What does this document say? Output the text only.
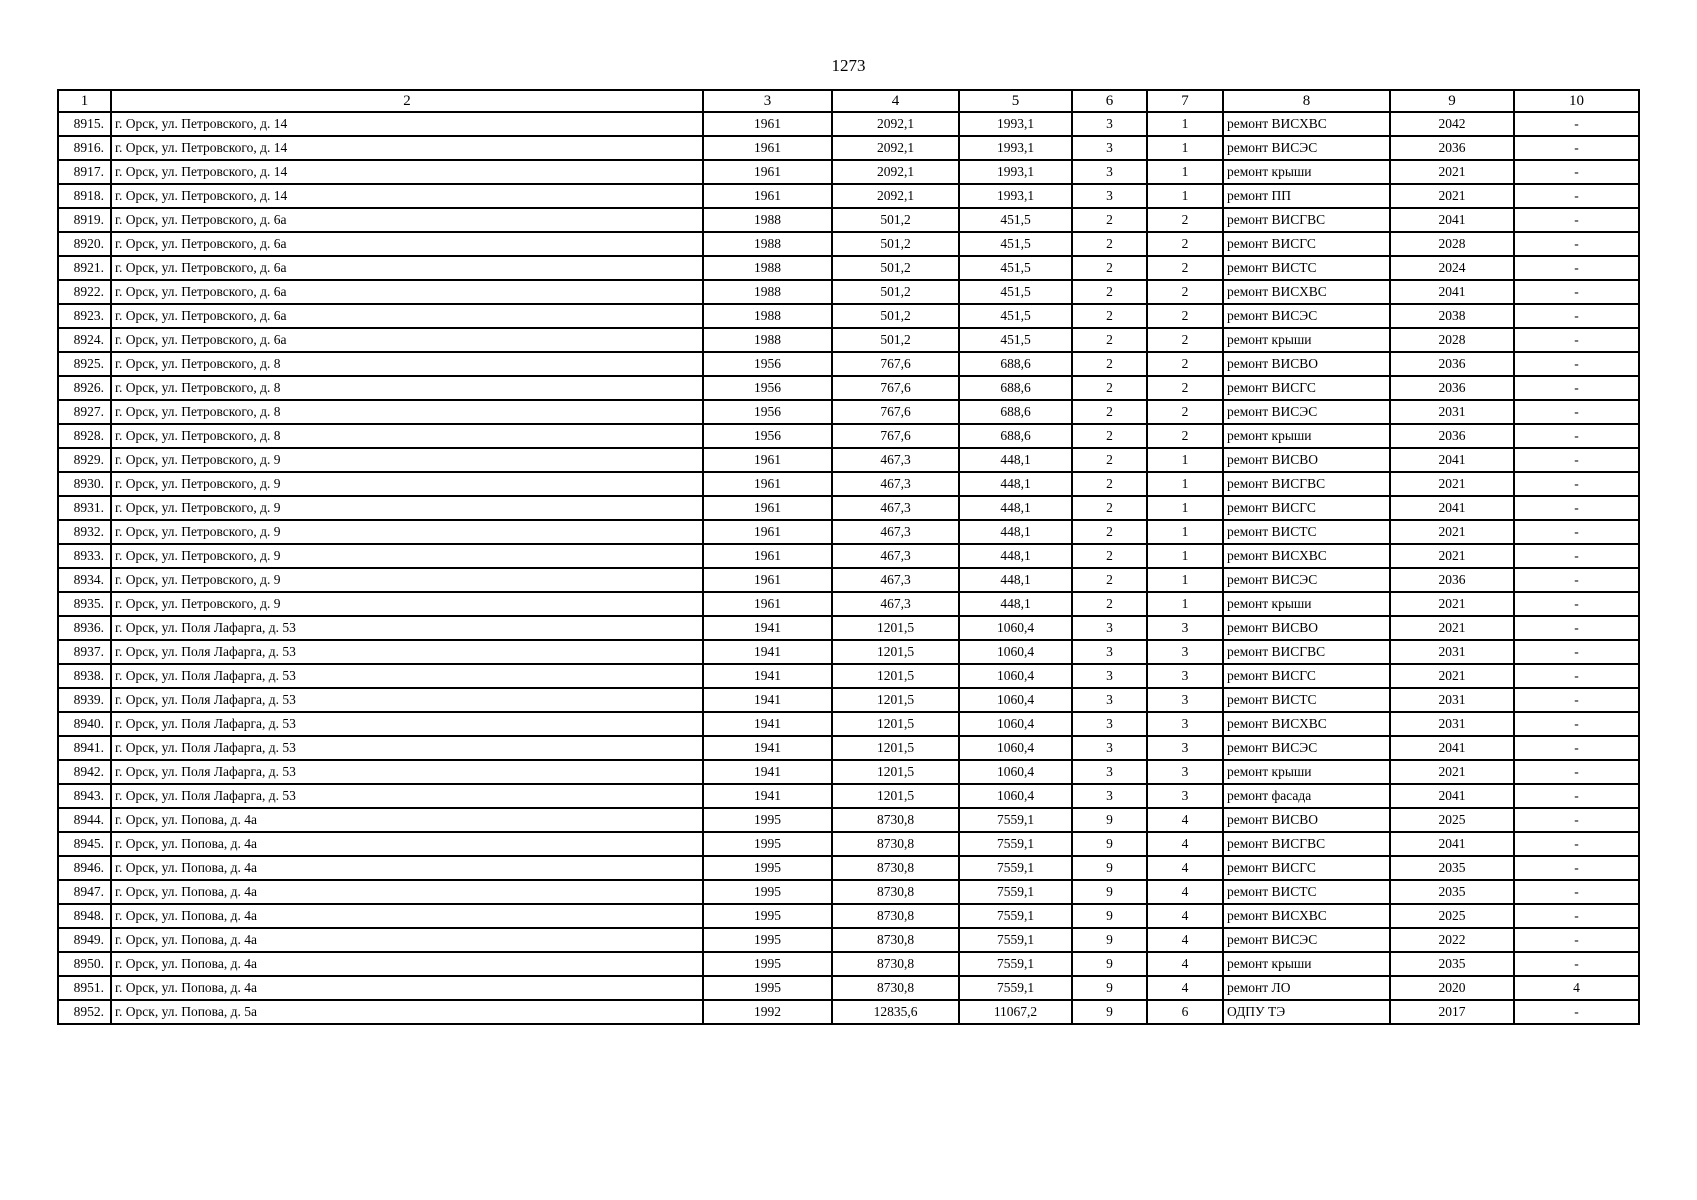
1273
1	2	3	4	5	6	7	8	9	10
8915.	г. Орск, ул. Петровского, д. 14	1961	2092,1	1993,1	3	1	ремонт ВИСХВС	2042	-
8916.	г. Орск, ул. Петровского, д. 14	1961	2092,1	1993,1	3	1	ремонт ВИСЭС	2036	-
8917.	г. Орск, ул. Петровского, д. 14	1961	2092,1	1993,1	3	1	ремонт крыши	2021	-
8918.	г. Орск, ул. Петровского, д. 14	1961	2092,1	1993,1	3	1	ремонт ПП	2021	-
8919.	г. Орск, ул. Петровского, д. 6а	1988	501,2	451,5	2	2	ремонт ВИСГВС	2041	-
8920.	г. Орск, ул. Петровского, д. 6а	1988	501,2	451,5	2	2	ремонт ВИСГС	2028	-
8921.	г. Орск, ул. Петровского, д. 6а	1988	501,2	451,5	2	2	ремонт ВИСТС	2024	-
8922.	г. Орск, ул. Петровского, д. 6а	1988	501,2	451,5	2	2	ремонт ВИСХВС	2041	-
8923.	г. Орск, ул. Петровского, д. 6а	1988	501,2	451,5	2	2	ремонт ВИСЭС	2038	-
8924.	г. Орск, ул. Петровского, д. 6а	1988	501,2	451,5	2	2	ремонт крыши	2028	-
8925.	г. Орск, ул. Петровского, д. 8	1956	767,6	688,6	2	2	ремонт ВИСВО	2036	-
8926.	г. Орск, ул. Петровского, д. 8	1956	767,6	688,6	2	2	ремонт ВИСГС	2036	-
8927.	г. Орск, ул. Петровского, д. 8	1956	767,6	688,6	2	2	ремонт ВИСЭС	2031	-
8928.	г. Орск, ул. Петровского, д. 8	1956	767,6	688,6	2	2	ремонт крыши	2036	-
8929.	г. Орск, ул. Петровского, д. 9	1961	467,3	448,1	2	1	ремонт ВИСВО	2041	-
8930.	г. Орск, ул. Петровского, д. 9	1961	467,3	448,1	2	1	ремонт ВИСГВС	2021	-
8931.	г. Орск, ул. Петровского, д. 9	1961	467,3	448,1	2	1	ремонт ВИСГС	2041	-
8932.	г. Орск, ул. Петровского, д. 9	1961	467,3	448,1	2	1	ремонт ВИСТС	2021	-
8933.	г. Орск, ул. Петровского, д. 9	1961	467,3	448,1	2	1	ремонт ВИСХВС	2021	-
8934.	г. Орск, ул. Петровского, д. 9	1961	467,3	448,1	2	1	ремонт ВИСЭС	2036	-
8935.	г. Орск, ул. Петровского, д. 9	1961	467,3	448,1	2	1	ремонт крыши	2021	-
8936.	г. Орск, ул. Поля Лафарга, д. 53	1941	1201,5	1060,4	3	3	ремонт ВИСВО	2021	-
8937.	г. Орск, ул. Поля Лафарга, д. 53	1941	1201,5	1060,4	3	3	ремонт ВИСГВС	2031	-
8938.	г. Орск, ул. Поля Лафарга, д. 53	1941	1201,5	1060,4	3	3	ремонт ВИСГС	2021	-
8939.	г. Орск, ул. Поля Лафарга, д. 53	1941	1201,5	1060,4	3	3	ремонт ВИСТС	2031	-
8940.	г. Орск, ул. Поля Лафарга, д. 53	1941	1201,5	1060,4	3	3	ремонт ВИСХВС	2031	-
8941.	г. Орск, ул. Поля Лафарга, д. 53	1941	1201,5	1060,4	3	3	ремонт ВИСЭС	2041	-
8942.	г. Орск, ул. Поля Лафарга, д. 53	1941	1201,5	1060,4	3	3	ремонт крыши	2021	-
8943.	г. Орск, ул. Поля Лафарга, д. 53	1941	1201,5	1060,4	3	3	ремонт фасада	2041	-
8944.	г. Орск, ул. Попова, д. 4а	1995	8730,8	7559,1	9	4	ремонт ВИСВО	2025	-
8945.	г. Орск, ул. Попова, д. 4а	1995	8730,8	7559,1	9	4	ремонт ВИСГВС	2041	-
8946.	г. Орск, ул. Попова, д. 4а	1995	8730,8	7559,1	9	4	ремонт ВИСГС	2035	-
8947.	г. Орск, ул. Попова, д. 4а	1995	8730,8	7559,1	9	4	ремонт ВИСТС	2035	-
8948.	г. Орск, ул. Попова, д. 4а	1995	8730,8	7559,1	9	4	ремонт ВИСХВС	2025	-
8949.	г. Орск, ул. Попова, д. 4а	1995	8730,8	7559,1	9	4	ремонт ВИСЭС	2022	-
8950.	г. Орск, ул. Попова, д. 4а	1995	8730,8	7559,1	9	4	ремонт крыши	2035	-
8951.	г. Орск, ул. Попова, д. 4а	1995	8730,8	7559,1	9	4	ремонт ЛО	2020	4
8952.	г. Орск, ул. Попова, д. 5а	1992	12835,6	11067,2	9	6	ОДПУ ТЭ	2017	-
